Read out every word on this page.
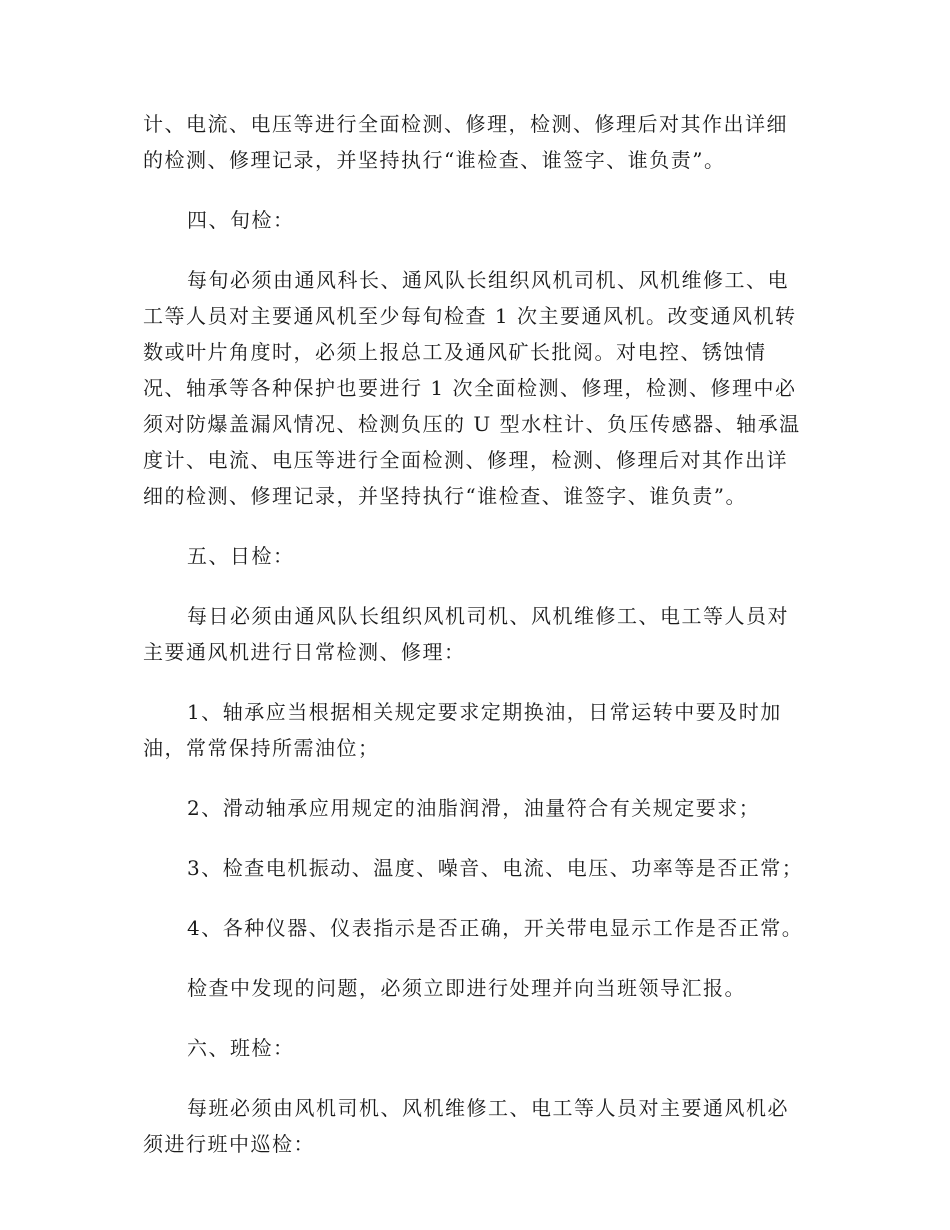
计、电流、电压等进行全面检测、修理，检测、修理后对其作出详细
的检测、修理记录，并坚持执行“谁检查、谁签字、谁负责”。

四、旬检：

每旬必须由通风科长、通风队长组织风机司机、风机维修工、电
工等人员对主要通风机至少每旬检查 1 次主要通风机。改变通风机转
数或叶片角度时，必须上报总工及通风矿长批阅。对电控、锈蚀情
况、轴承等各种保护也要进行 1 次全面检测、修理，检测、修理中必
须对防爆盖漏风情况、检测负压的 U 型水柱计、负压传感器、轴承温
度计、电流、电压等进行全面检测、修理，检测、修理后对其作出详
细的检测、修理记录，并坚持执行“谁检查、谁签字、谁负责”。

五、日检：

每日必须由通风队长组织风机司机、风机维修工、电工等人员对
主要通风机进行日常检测、修理：

1、轴承应当根据相关规定要求定期换油，日常运转中要及时加
油，常常保持所需油位；

2、滑动轴承应用规定的油脂润滑，油量符合有关规定要求；

3、检查电机振动、温度、噪音、电流、电压、功率等是否正常；

4、各种仪器、仪表指示是否正确，开关带电显示工作是否正常。

检查中发现的问题，必须立即进行处理并向当班领导汇报。

六、班检：

每班必须由风机司机、风机维修工、电工等人员对主要通风机必
须进行班中巡检：
